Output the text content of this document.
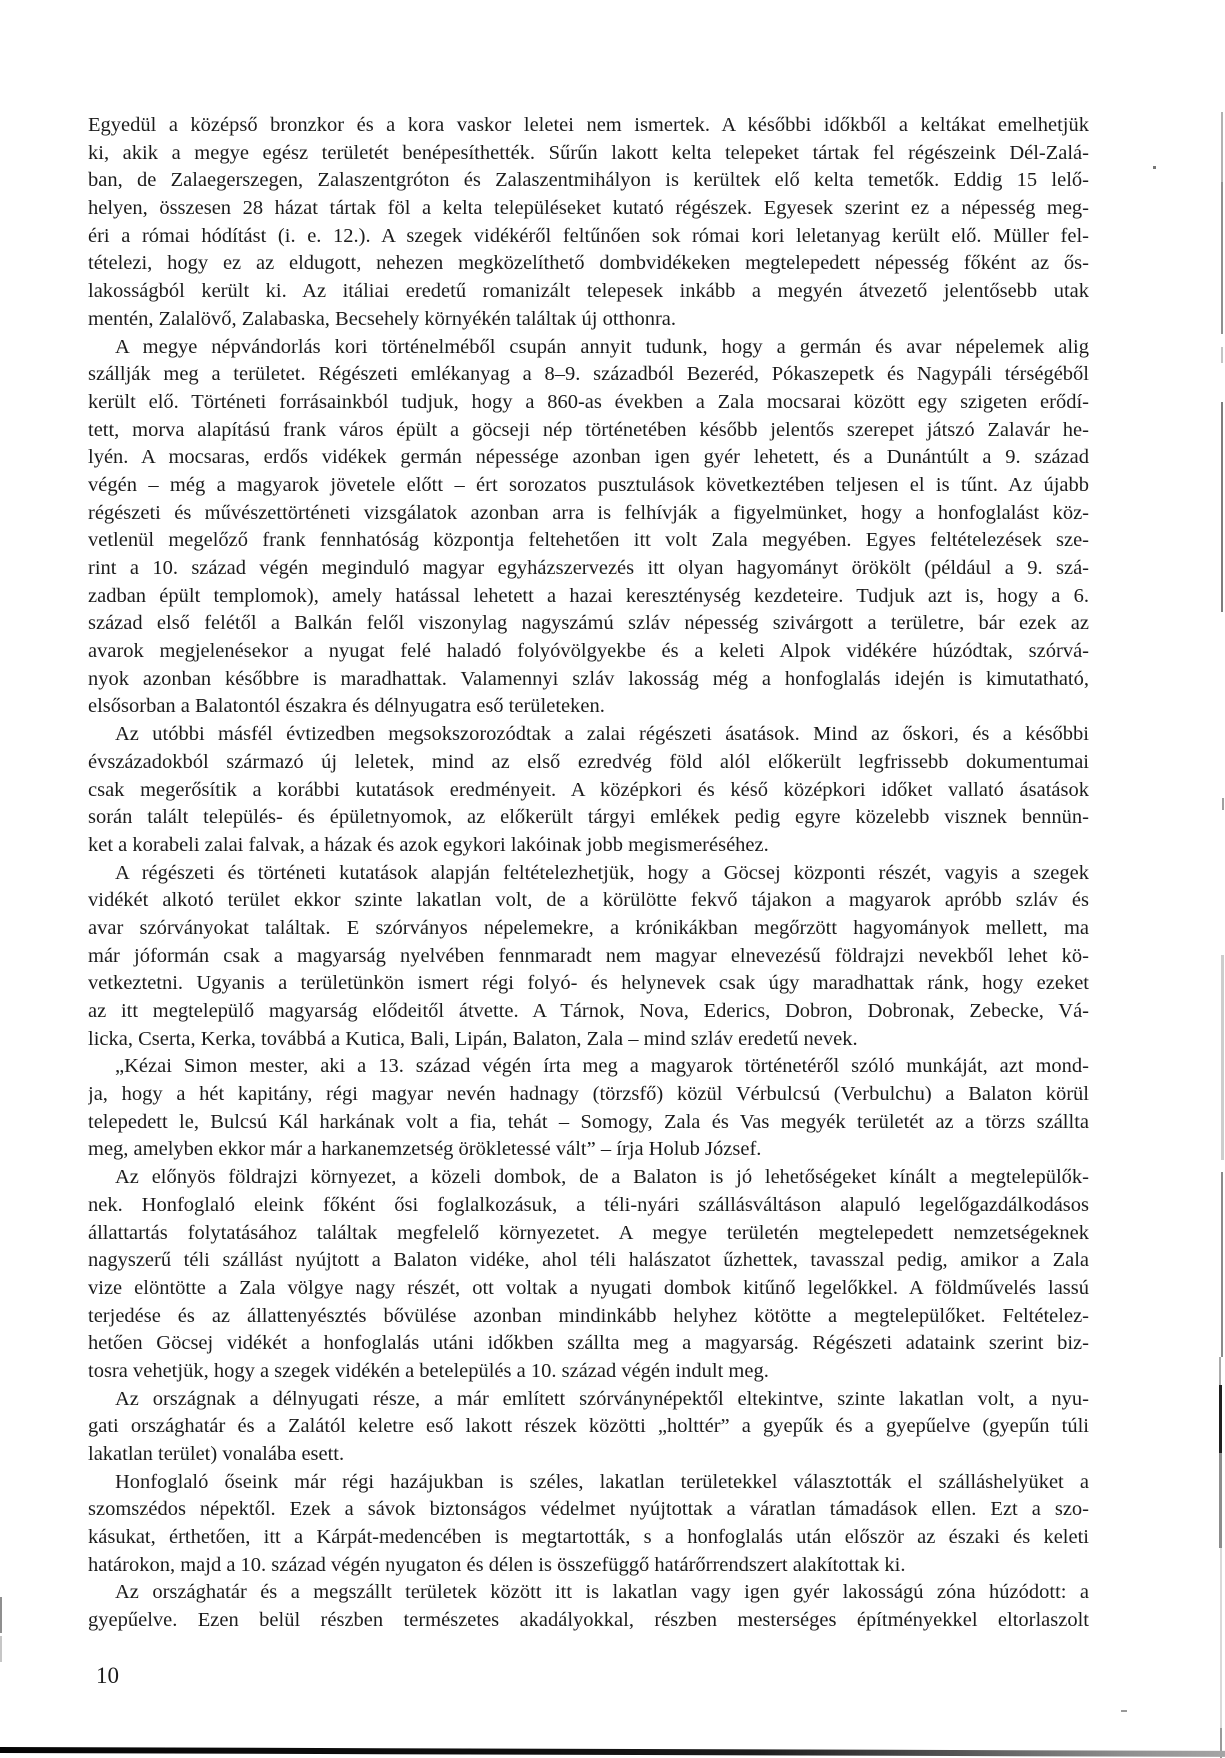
Egyedül a középső bronzkor és a kora vaskor leletei nem ismertek. A későbbi időkből a keltákat emelhetjük
ki, akik a megye egész területét benépesíthették. Sűrűn lakott kelta telepeket tártak fel régészeink Dél-Zalá-
ban, de Zalaegerszegen, Zalaszentgróton és Zalaszentmihályon is kerültek elő kelta temetők. Eddig 15 lelő-
helyen, összesen 28 házat tártak föl a kelta településeket kutató régészek. Egyesek szerint ez a népesség meg-
éri a római hódítást (i. e. 12.). A szegek vidékéről feltűnően sok római kori leletanyag került elő. Müller fel-
tételezi, hogy ez az eldugott, nehezen megközelíthető dombvidékeken megtelepedett népesség főként az ős-
lakosságból került ki. Az itáliai eredetű romanizált telepesek inkább a megyén átvezető jelentősebb utak
mentén, Zalalövő, Zalabaska, Becsehely környékén találtak új otthonra.
A megye népvándorlás kori történelméből csupán annyit tudunk, hogy a germán és avar népelemek alig
szállják meg a területet. Régészeti emlékanyag a 8–9. századból Bezeréd, Pókaszepetk és Nagypáli térségéből
került elő. Történeti forrásainkból tudjuk, hogy a 860-as években a Zala mocsarai között egy szigeten erődí-
tett, morva alapítású frank város épült a göcseji nép történetében később jelentős szerepet játszó Zalavár he-
lyén. A mocsaras, erdős vidékek germán népessége azonban igen gyér lehetett, és a Dunántúlt a 9. század
végén – még a magyarok jövetele előtt – ért sorozatos pusztulások következtében teljesen el is tűnt. Az újabb
régészeti és művészettörténeti vizsgálatok azonban arra is felhívják a figyelmünket, hogy a honfoglalást köz-
vetlenül megelőző frank fennhatóság központja feltehetően itt volt Zala megyében. Egyes feltételezések sze-
rint a 10. század végén meginduló magyar egyházszervezés itt olyan hagyományt örökölt (például a 9. szá-
zadban épült templomok), amely hatással lehetett a hazai kereszténység kezdeteire. Tudjuk azt is, hogy a 6.
század első felétől a Balkán felől viszonylag nagyszámú szláv népesség szivárgott a területre, bár ezek az
avarok megjelenésekor a nyugat felé haladó folyóvölgyekbe és a keleti Alpok vidékére húzódtak, szórvá-
nyok azonban későbbre is maradhattak. Valamennyi szláv lakosság még a honfoglalás idején is kimutatható,
elsősorban a Balatontól északra és délnyugatra eső területeken.
Az utóbbi másfél évtizedben megsokszorozódtak a zalai régészeti ásatások. Mind az őskori, és a későbbi
évszázadokból származó új leletek, mind az első ezredvég föld alól előkerült legfrissebb dokumentumai
csak megerősítik a korábbi kutatások eredményeit. A középkori és késő középkori időket vallató ásatások
során talált település- és épületnyomok, az előkerült tárgyi emlékek pedig egyre közelebb visznek bennün-
ket a korabeli zalai falvak, a házak és azok egykori lakóinak jobb megismeréséhez.
A régészeti és történeti kutatások alapján feltételezhetjük, hogy a Göcsej központi részét, vagyis a szegek
vidékét alkotó terület ekkor szinte lakatlan volt, de a körülötte fekvő tájakon a magyarok apróbb szláv és
avar szórványokat találtak. E szórványos népelemekre, a krónikákban megőrzött hagyományok mellett, ma
már jóformán csak a magyarság nyelvében fennmaradt nem magyar elnevezésű földrajzi nevekből lehet kö-
vetkeztetni. Ugyanis a területünkön ismert régi folyó- és helynevek csak úgy maradhattak ránk, hogy ezeket
az itt megtelepülő magyarság elődeitől átvette. A Tárnok, Nova, Ederics, Dobron, Dobronak, Zebecke, Vá-
licka, Cserta, Kerka, továbbá a Kutica, Bali, Lipán, Balaton, Zala – mind szláv eredetű nevek.
„Kézai Simon mester, aki a 13. század végén írta meg a magyarok történetéről szóló munkáját, azt mond-
ja, hogy a hét kapitány, régi magyar nevén hadnagy (törzsfő) közül Vérbulcsú (Verbulchu) a Balaton körül
telepedett le, Bulcsú Kál harkának volt a fia, tehát – Somogy, Zala és Vas megyék területét az a törzs szállta
meg, amelyben ekkor már a harkanemzetség örökletessé vált” – írja Holub József.
Az előnyös földrajzi környezet, a közeli dombok, de a Balaton is jó lehetőségeket kínált a megtelepülők-
nek. Honfoglaló eleink főként ősi foglalkozásuk, a téli-nyári szállásváltáson alapuló legelőgazdálkodásos
állattartás folytatásához találtak megfelelő környezetet. A megye területén megtelepedett nemzetségeknek
nagyszerű téli szállást nyújtott a Balaton vidéke, ahol téli halászatot űzhettek, tavasszal pedig, amikor a Zala
vize elöntötte a Zala völgye nagy részét, ott voltak a nyugati dombok kitűnő legelőkkel. A földművelés lassú
terjedése és az állattenyésztés bővülése azonban mindinkább helyhez kötötte a megtelepülőket. Feltételez-
hetően Göcsej vidékét a honfoglalás utáni időkben szállta meg a magyarság. Régészeti adataink szerint biz-
tosra vehetjük, hogy a szegek vidékén a betelepülés a 10. század végén indult meg.
Az országnak a délnyugati része, a már említett szórványnépektől eltekintve, szinte lakatlan volt, a nyu-
gati országhatár és a Zalától keletre eső lakott részek közötti „holttér” a gyepűk és a gyepűelve (gyepűn túli
lakatlan terület) vonalába esett.
Honfoglaló őseink már régi hazájukban is széles, lakatlan területekkel választották el szálláshelyüket a
szomszédos népektől. Ezek a sávok biztonságos védelmet nyújtottak a váratlan támadások ellen. Ezt a szo-
kásukat, érthetően, itt a Kárpát-medencében is megtartották, s a honfoglalás után először az északi és keleti
határokon, majd a 10. század végén nyugaton és délen is összefüggő határőrrendszert alakítottak ki.
Az országhatár és a megszállt területek között itt is lakatlan vagy igen gyér lakosságú zóna húzódott: a
gyepűelve. Ezen belül részben természetes akadályokkal, részben mesterséges építményekkel eltorlaszolt
10
